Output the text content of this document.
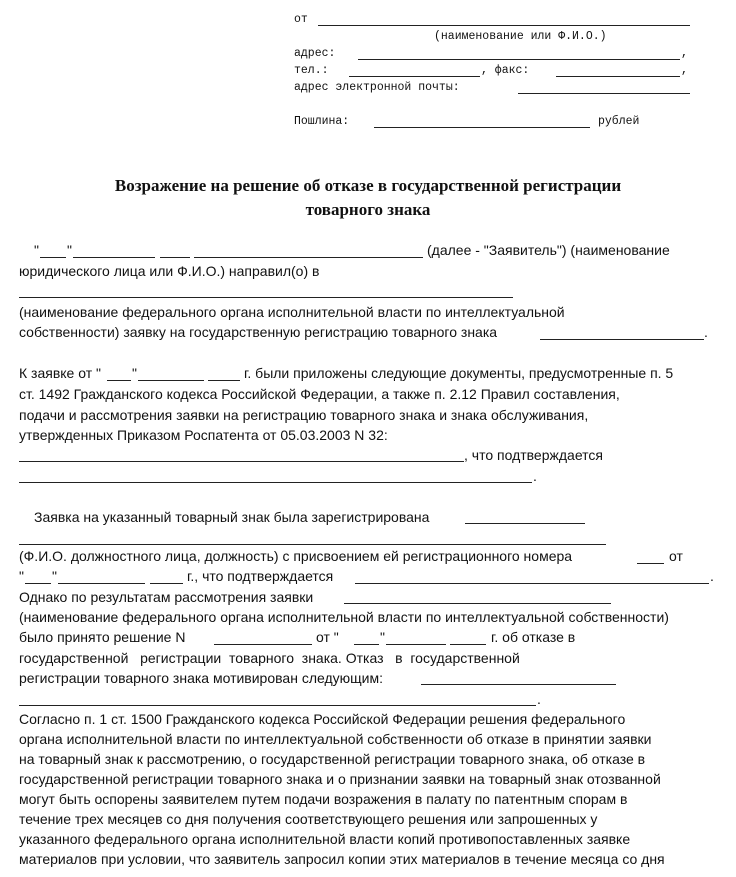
от
(наименование или Ф.И.О.)
адрес:	,
тел.:	, факс:	,
адрес электронной почты:
Пошлина:	рублей
Возражение на решение об отказе в государственной регистрации
товарного знака
" "	(далее - "Заявитель") (наименование
юридического лица или Ф.И.О.) направил(о) в
(наименование федерального органа исполнительной власти по интеллектуальной
собственности) заявку на государственную регистрацию товарного знака	.
К заявке от " "	г. были приложены следующие документы, предусмотренные п. 5
ст. 1492 Гражданского кодекса Российской Федерации, а также п. 2.12 Правил составления,
подачи и рассмотрения заявки на регистрацию товарного знака и знака обслуживания,
утвержденных Приказом Роспатента от 05.03.2003 N 32:
, что подтверждается
.
Заявка на указанный товарный знак была зарегистрирована
(Ф.И.О. должностного лица, должность) с присвоением ей регистрационного номера	от
" "	г., что подтверждается	.
Однако по результатам рассмотрения заявки
(наименование федерального органа исполнительной власти по интеллектуальной собственности)
было принято решение N	от "	"	г. об отказе в
государственной   регистрации  товарного  знака. Отказ   в  государственной
регистрации товарного знака мотивирован следующим:
.
Согласно п. 1 ст. 1500 Гражданского кодекса Российской Федерации решения федерального
органа исполнительной власти по интеллектуальной собственности об отказе в принятии заявки
на товарный знак к рассмотрению, о государственной регистрации товарного знака, об отказе в
государственной регистрации товарного знака и о признании заявки на товарный знак отозванной
могут быть оспорены заявителем путем подачи возражения в палату по патентным спорам в
течение трех месяцев со дня получения соответствующего решения или запрошенных у
указанного федерального органа исполнительной власти копий противопоставленных заявке
материалов при условии, что заявитель запросил копии этих материалов в течение месяца со дня
